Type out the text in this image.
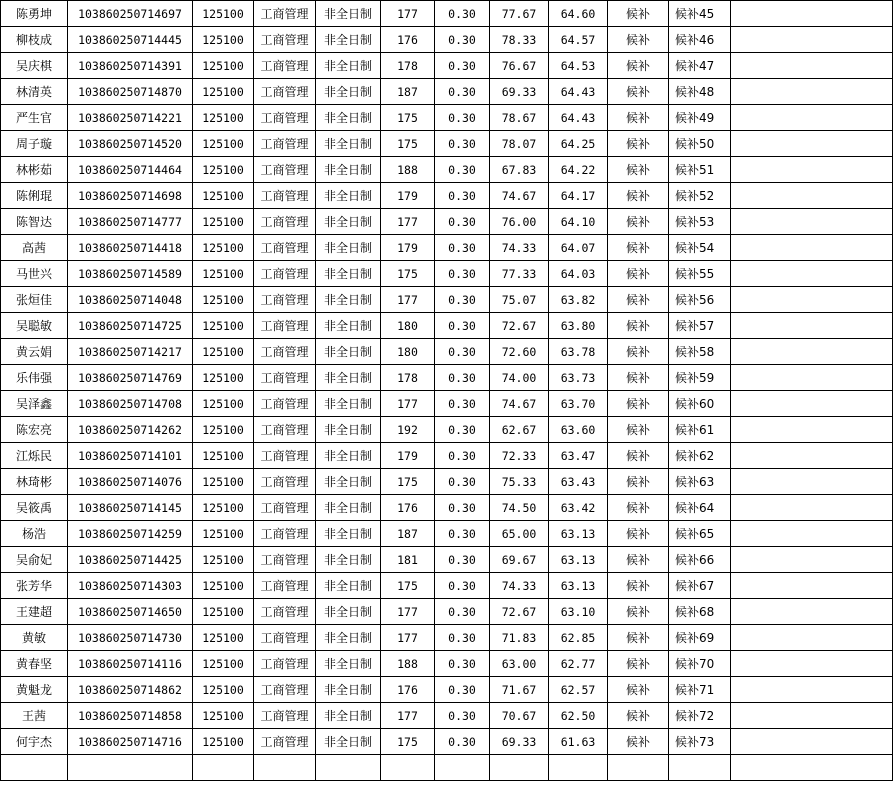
陈勇坤	103860250714697	125100	工商管理	非全日制	177	0.30	77.67	64.60	候补	候补45	
柳枝成	103860250714445	125100	工商管理	非全日制	176	0.30	78.33	64.57	候补	候补46	
吴庆棋	103860250714391	125100	工商管理	非全日制	178	0.30	76.67	64.53	候补	候补47	
林清英	103860250714870	125100	工商管理	非全日制	187	0.30	69.33	64.43	候补	候补48	
严生官	103860250714221	125100	工商管理	非全日制	175	0.30	78.67	64.43	候补	候补49	
周子璇	103860250714520	125100	工商管理	非全日制	175	0.30	78.07	64.25	候补	候补50	
林彬茹	103860250714464	125100	工商管理	非全日制	188	0.30	67.83	64.22	候补	候补51	
陈俐琨	103860250714698	125100	工商管理	非全日制	179	0.30	74.67	64.17	候补	候补52	
陈智达	103860250714777	125100	工商管理	非全日制	177	0.30	76.00	64.10	候补	候补53	
高茜	103860250714418	125100	工商管理	非全日制	179	0.30	74.33	64.07	候补	候补54	
马世兴	103860250714589	125100	工商管理	非全日制	175	0.30	77.33	64.03	候补	候补55	
张烜佳	103860250714048	125100	工商管理	非全日制	177	0.30	75.07	63.82	候补	候补56	
吴聪敏	103860250714725	125100	工商管理	非全日制	180	0.30	72.67	63.80	候补	候补57	
黄云娟	103860250714217	125100	工商管理	非全日制	180	0.30	72.60	63.78	候补	候补58	
乐伟强	103860250714769	125100	工商管理	非全日制	178	0.30	74.00	63.73	候补	候补59	
吴泽鑫	103860250714708	125100	工商管理	非全日制	177	0.30	74.67	63.70	候补	候补60	
陈宏亮	103860250714262	125100	工商管理	非全日制	192	0.30	62.67	63.60	候补	候补61	
江烁民	103860250714101	125100	工商管理	非全日制	179	0.30	72.33	63.47	候补	候补62	
林琦彬	103860250714076	125100	工商管理	非全日制	175	0.30	75.33	63.43	候补	候补63	
吴筱禹	103860250714145	125100	工商管理	非全日制	176	0.30	74.50	63.42	候补	候补64	
杨浩	103860250714259	125100	工商管理	非全日制	187	0.30	65.00	63.13	候补	候补65	
吴俞妃	103860250714425	125100	工商管理	非全日制	181	0.30	69.67	63.13	候补	候补66	
张芳华	103860250714303	125100	工商管理	非全日制	175	0.30	74.33	63.13	候补	候补67	
王建超	103860250714650	125100	工商管理	非全日制	177	0.30	72.67	63.10	候补	候补68	
黄敏	103860250714730	125100	工商管理	非全日制	177	0.30	71.83	62.85	候补	候补69	
黄春坚	103860250714116	125100	工商管理	非全日制	188	0.30	63.00	62.77	候补	候补70	
黄魁龙	103860250714862	125100	工商管理	非全日制	176	0.30	71.67	62.57	候补	候补71	
王茜	103860250714858	125100	工商管理	非全日制	177	0.30	70.67	62.50	候补	候补72	
何宇杰	103860250714716	125100	工商管理	非全日制	175	0.30	69.33	61.63	候补	候补73	
